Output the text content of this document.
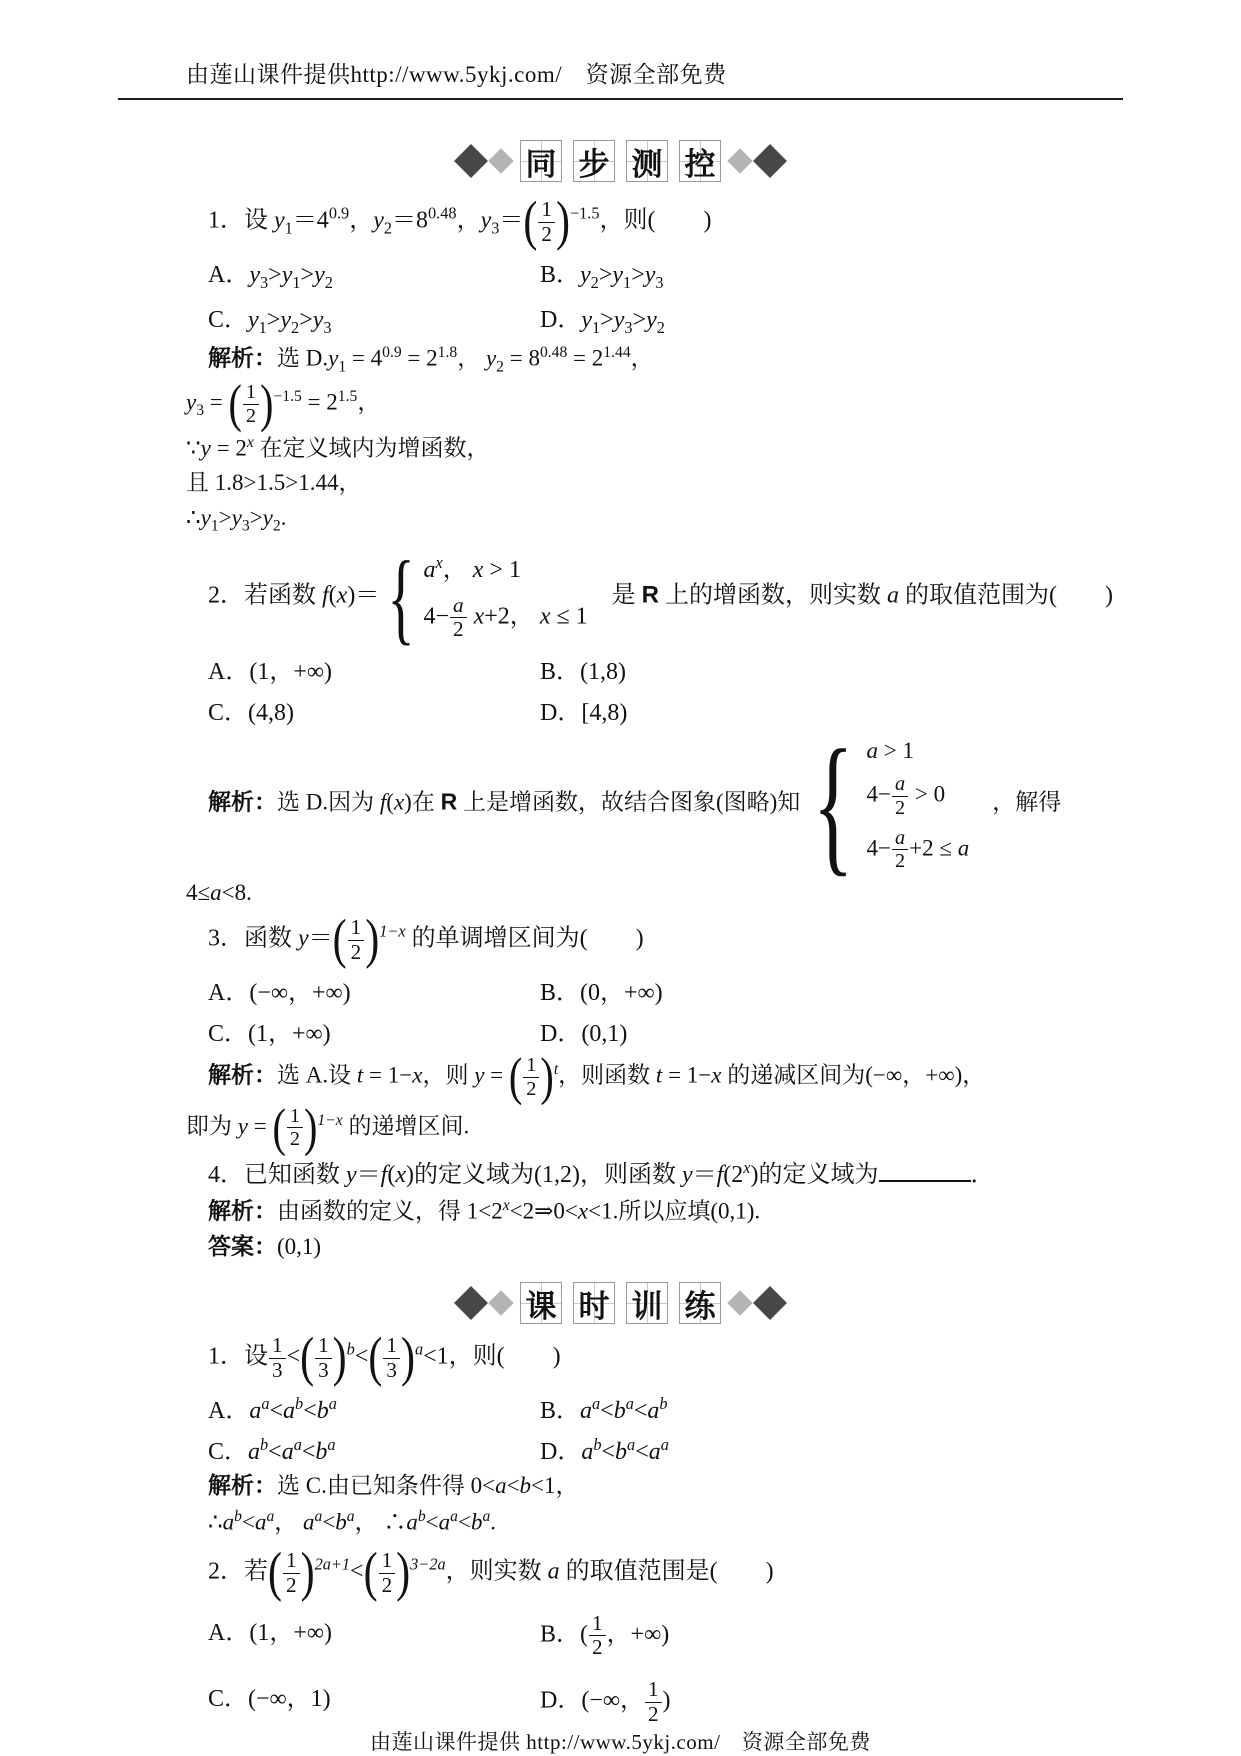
由莲山课件提供http://www.5ykj.com/　资源全部免费
同 步 测 控
1．设 $y_1=4^{0.9}$，$y_2=8^{0.48}$，$y_3=( \frac{1}{2} )^{-1.5}$，则(　　)
A．$y_3>y_1>y_2$	B．$y_2>y_1>y_3$
C．$y_1>y_2>y_3$	D．$y_1>y_3>y_2$
解析：选 $D.y_1 = 4^{0.9} = 2^{1.8}$， $y_2 = 8^{0.48} = 2^{1.44}$，
$y_3$ = ( $\frac{1}{2} )^{-1.5} = 2^{1.5}$，
∵y = $2^x$ 在定义域内为增函数，
且 1.8>1.5>1.44，
$\therefore y_1>y_3>y_2$.
2．若函数 f(x)＝ { $a^x$， x > 1
$4- \frac{a}{2} x+2$， x ≤ 1
　是 R 上的增函数，则实数 a 的取值范围为(　　)
A．(1，+∞)	B．(1,8)
C．(4,8)	D．[4,8)
解析：选 D.因为 f(x)在 R 上是增函数，故结合图象(图略)知 { a > 1
$4- \frac{a}{2} > 0$
$4- \frac{a}{2} +2 \le a$
　，解得
4≤a<8.
3．函数 $y=( \frac{1}{2} )^{1-x}$ 的单调增区间为(　　)
A．(−∞，+∞)	B．(0，+∞)
C．(1，+∞)	D．(0,1)
解析：选 A.设 t = 1−x，则 y = ( $\frac{1}{2} )^t$，则函数 t = 1−x 的递减区间为(−∞，+∞)，
即为 y = ( $\frac{1}{2} )^{1-x}$ 的递增区间.
4．已知函数 y＝f(x)的定义域为(1,2)，则函数 $y=f(2^x)$的定义域为	．
解析：由函数的定义，得 $1<2^x<2\Rightarrow 0<x<1$.所以应填(0,1).
答案：(0,1)
课 时 训 练
1．设 $\frac{1}{3}$ <( $\frac{1}{3} )^b<( \frac{1}{3} )^a<1$，则(　　)
A．$a^a<a^b<b^a$	B．$a^a<b^a<a^b$
C．$a^b<a^a<b^a$	D．$a^b<b^a<a^a$
解析：选 C.由已知条件得 0<a<b<1，
$\therefore a^b<a^a$， $a^a<b^a$， $\therefore a^b<a^a<b^a$.
2．若( $\frac{1}{2} )^{2a+1}<( \frac{1}{2} )^{3-2a}$，则实数 a 的取值范围是(　　)
A．(1，+∞)	B．( $\frac{1}{2}$ ，+∞)
C．(−∞，1)	D．(−∞， $\frac{1}{2}$ )
由莲山课件提供 http://www.5ykj.com/　资源全部免费
